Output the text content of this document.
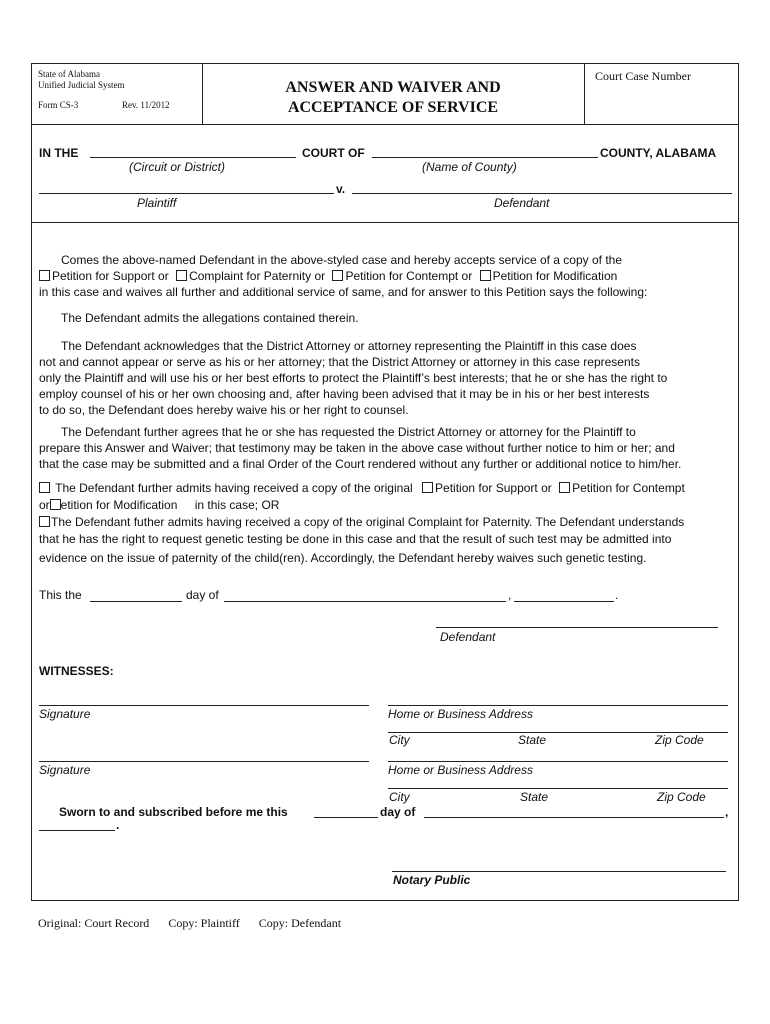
State of Alabama
Unified Judicial System
Form CS-3	Rev. 11/2012
ANSWER AND WAIVER AND
ACCEPTANCE OF SERVICE
Court Case Number
IN THE	COURT OF	COUNTY, ALABAMA
(Circuit or District)	(Name of County)
v.
Plaintiff	Defendant
Comes the above-named Defendant in the above-styled case and hereby accepts service of a copy of the
Petition for Support or Complaint for Paternity or Petition for Contempt or Petition for Modification
in this case and waives all further and additional service of same, and for answer to this Petition says the following:
The Defendant admits the allegations contained therein.
The Defendant acknowledges that the District Attorney or attorney representing the Plaintiff in this case does
not and cannot appear or serve as his or her attorney; that the District Attorney or attorney in this case represents
only the Plaintiff and will use his or her best efforts to protect the Plaintiff’s best interests; that he or she has the right to
employ counsel of his or her own choosing and, after having been advised that it may be in his or her best interests
to do so, the Defendant does hereby waive his or her right to counsel.
The Defendant further agrees that he or she has requested the District Attorney or attorney for the Plaintiff to
prepare this Answer and Waiver; that testimony may be taken in the above case without further notice to him or her; and
that the case may be submitted and a final Order of the Court rendered without any further or additional notice to him/her.
The Defendant further admits having received a copy of the original Petition for Support or Petition for Contempt
or etition for Modification in this case; OR
The Defendant futher admits having received a copy of the original Complaint for Paternity. The Defendant understands
that he has the right to request genetic testing be done in this case and that the result of such test may be admitted into
evidence on the issue of paternity of the child(ren). Accordingly, the Defendant hereby waives such genetic testing.
This the	day of	,	.
Defendant
WITNESSES:
Signature	Home or Business Address
City	State	Zip Code
Signature	Home or Business Address
City	State	Zip Code
Sworn to and subscribed before me this	day of	,
.
Notary Public
Original: Court Record Copy: Plaintiff Copy: Defendant
